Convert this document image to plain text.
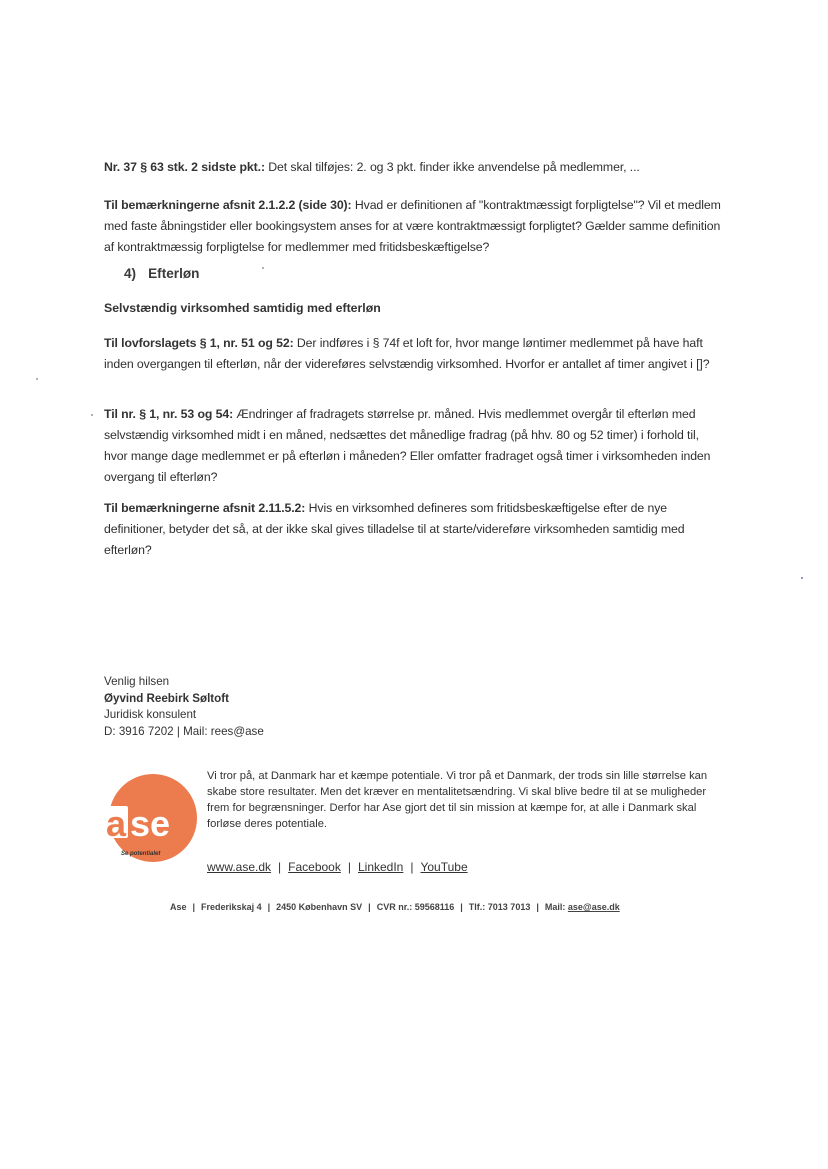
Nr. 37 § 63 stk. 2 sidste pkt.: Det skal tilføjes: 2. og 3 pkt. finder ikke anvendelse på medlemmer, ...
Til bemærkningerne afsnit 2.1.2.2 (side 30): Hvad er definitionen af "kontraktmæssigt forpligtelse"? Vil et medlem med faste åbningstider eller bookingsystem anses for at være kontraktmæssigt forpligtet? Gælder samme definition af kontraktmæssig forpligtelse for medlemmer med fritidsbeskæftigelse?
4) Efterløn
Selvstændig virksomhed samtidig med efterløn
Til lovforslagets § 1, nr. 51 og 52: Der indføres i § 74f et loft for, hvor mange løntimer medlemmet på have haft inden overgangen til efterløn, når der videreføres selvstændig virksomhed. Hvorfor er antallet af timer angivet i []?
Til nr. § 1, nr. 53 og 54: Ændringer af fradragets størrelse pr. måned. Hvis medlemmet overgår til efterløn med selvstændig virksomhed midt i en måned, nedsættes det månedlige fradrag (på hhv. 80 og 52 timer) i forhold til, hvor mange dage medlemmet er på efterløn i måneden? Eller omfatter fradraget også timer i virksomheden inden overgang til efterløn?
Til bemærkningerne afsnit 2.11.5.2: Hvis en virksomhed defineres som fritidsbeskæftigelse efter de nye definitioner, betyder det så, at der ikke skal gives tilladelse til at starte/videreføre virksomheden samtidig med efterløn?
Venlig hilsen
Øyvind Reebirk Søltoft
Juridisk konsulent
D: 3916 7202 | Mail: rees@ase
a se
Se potentialet
Vi tror på, at Danmark har et kæmpe potentiale. Vi tror på et Danmark, der trods sin lille størrelse kan skabe store resultater. Men det kræver en mentalitetsændring. Vi skal blive bedre til at se muligheder
frem for begrænsninger. Derfor har Ase gjort det til sin mission at kæmpe for, at alle i Danmark skal forløse deres potentiale.
www.ase.dk | Facebook | LinkedIn | YouTube
Ase | Frederikskaj 4 | 2450 København SV | CVR nr.: 59568116 | Tlf.: 7013 7013 | Mail: ase@ase.dk
